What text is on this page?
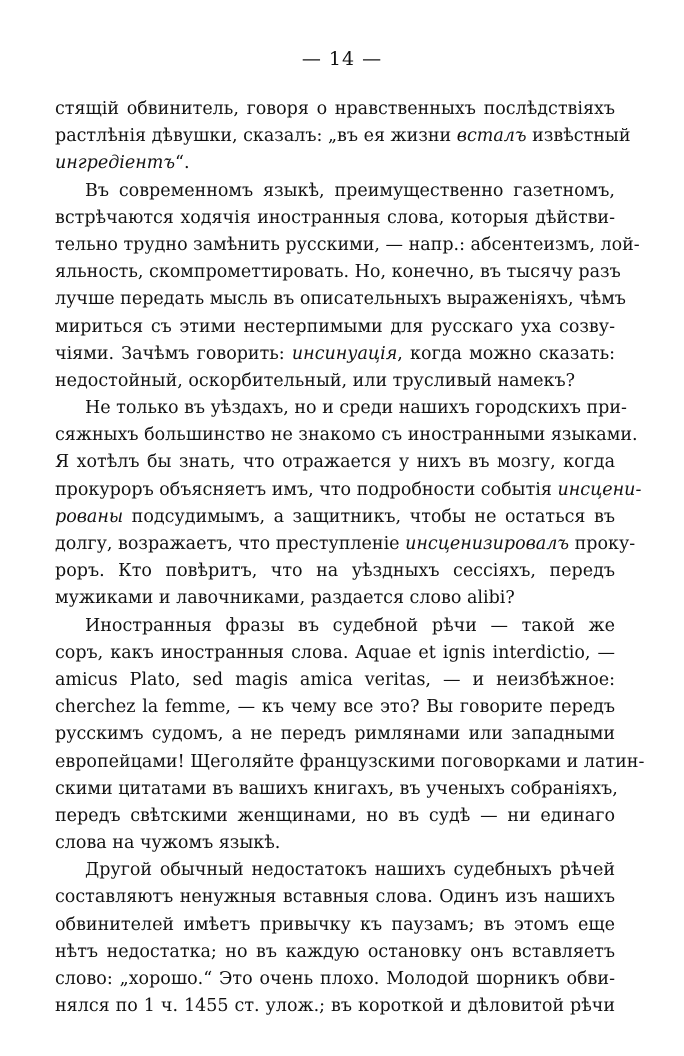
— 14 —
стящій обвинитель, говоря о нравственныхъ послѣдствіяхъ
растлѣнія дѣвушки, сказалъ: „въ ея жизни всталъ извѣстный
ингредіентъ“.
Въ современномъ языкѣ, преимущественно газетномъ,
встрѣчаются ходячія иностранныя слова, которыя дѣйстви-
тельно трудно замѣнить русскими, — напр.: абсентеизмъ, лой-
яльность, скомпрометтировать. Но, конечно, въ тысячу разъ
лучше передать мысль въ описательныхъ выраженіяхъ, чѣмъ
мириться съ этими нестерпимыми для русскаго уха созву-
чіями. Зачѣмъ говорить: инсинуація, когда можно сказать:
недостойный, оскорбительный, или трусливый намекъ?
Не только въ уѣздахъ, но и среди нашихъ городскихъ при-
сяжныхъ большинство не знакомо съ иностранными языками.
Я хотѣлъ бы знать, что отражается у нихъ въ мозгу, когда
прокуроръ объясняетъ имъ, что подробности событія инсцени-
рованы подсудимымъ, а защитникъ, чтобы не остаться въ
долгу, возражаетъ, что преступленіе инсценизировалъ проку-
роръ. Кто повѣритъ, что на уѣздныхъ сессіяхъ, передъ
мужиками и лавочниками, раздается слово alibi?
Иностранныя фразы въ судебной рѣчи — такой же
соръ, какъ иностранныя слова. Aquae et ignis interdictio, —
amicus Plato, sed magis amica veritas, — и неизбѣжное:
cherchez la femme, — къ чему все это? Вы говорите передъ
русскимъ судомъ, а не передъ римлянами или западными
европейцами! Щеголяйте французскими поговорками и латин-
скими цитатами въ вашихъ книгахъ, въ ученыхъ собраніяхъ,
передъ свѣтскими женщинами, но въ судѣ — ни единаго
слова на чужомъ языкѣ.
Другой обычный недостатокъ нашихъ судебныхъ рѣчей
составляютъ ненужныя вставныя слова. Одинъ изъ нашихъ
обвинителей имѣетъ привычку къ паузамъ; въ этомъ еще
нѣтъ недостатка; но въ каждую остановку онъ вставляетъ
слово: „хорошо.“ Это очень плохо. Молодой шорникъ обви-
нялся по 1 ч. 1455 ст. улож.; въ короткой и дѣловитой рѣчи
